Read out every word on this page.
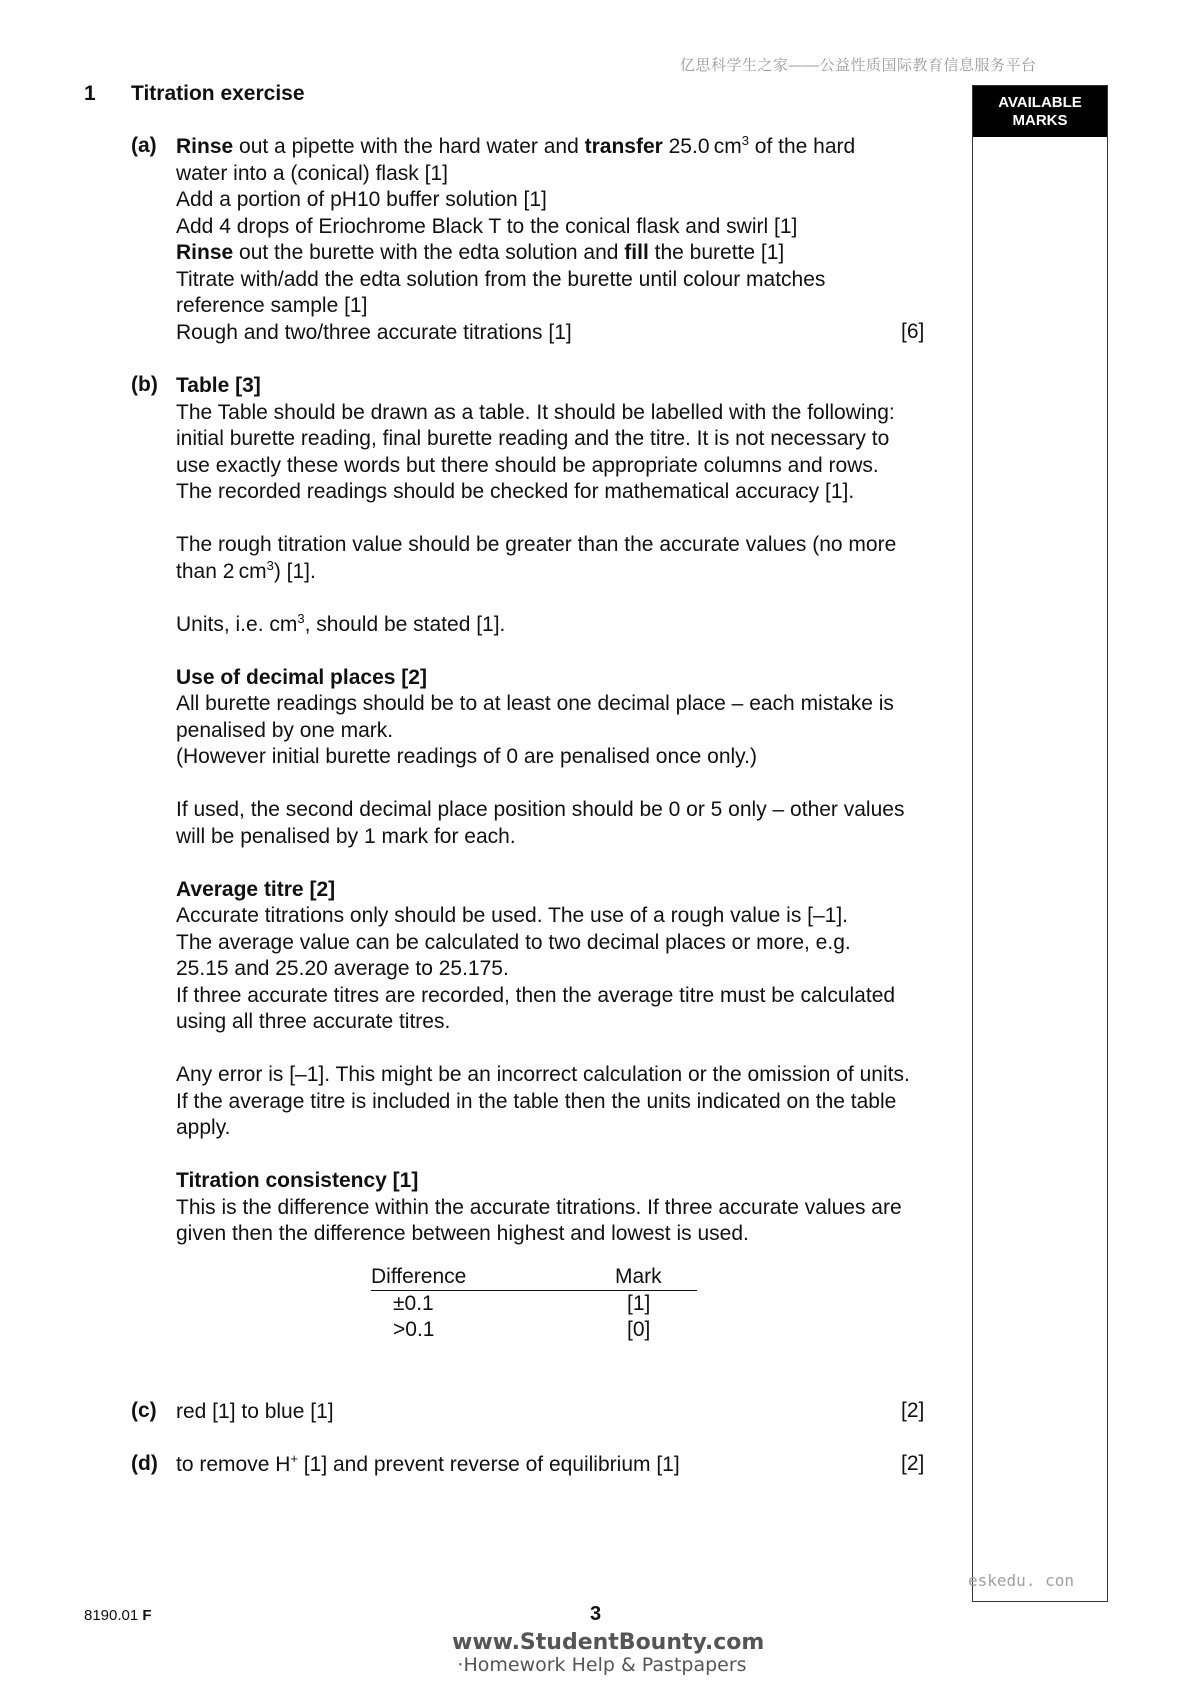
亿思科学生之家——公益性质国际教育信息服务平台
1 Titration exercise	AVAILABLE
MARKS
(a) Rinse out a pipette with the hard water and transfer 25.0 $cm^3$ of the hard

water into a (conical) flask [1]

Add a portion of pH10 buffer solution [1]

Add 4 drops of Eriochrome Black T to the conical flask and swirl [1]

Rinse out the burette with the edta solution and fill the burette [1]

Titrate with/add the edta solution from the burette until colour matches

reference sample [1]

Rough and two/three accurate titrations [1]	[6]
(b) Table [3]

The Table should be drawn as a table. It should be labelled with the following:

initial burette reading, final burette reading and the titre. It is not necessary to

use exactly these words but there should be appropriate columns and rows.

The recorded readings should be checked for mathematical accuracy [1].

The rough titration value should be greater than the accurate values (no more

than 2 $cm^3$) [1].

Units, i.e. $cm^3$, should be stated [1].

Use of decimal places [2]

All burette readings should be to at least one decimal place – each mistake is

penalised by one mark.

(However initial burette readings of 0 are penalised once only.)

If used, the second decimal place position should be 0 or 5 only – other values

will be penalised by 1 mark for each.

Average titre [2]

Accurate titrations only should be used. The use of a rough value is [–1].

The average value can be calculated to two decimal places or more, e.g.

25.15 and 25.20 average to 25.175.

If three accurate titres are recorded, then the average titre must be calculated

using all three accurate titres.

Any error is [–1]. This might be an incorrect calculation or the omission of units.

If the average titre is included in the table then the units indicated on the table

apply.

Titration consistency [1]

This is the difference within the accurate titrations. If three accurate values are

given then the difference between highest and lowest is used.

Difference	Mark
±0.1	[1]
>0.1	[0]
(c) red [1] to blue [1]	[2]
(d) to remove H+ [1] and prevent reverse of equilibrium [1]	[2]
eskedu. con
8190.01 F	3
www.StudentBounty.com
·Homework Help & Pastpapers
